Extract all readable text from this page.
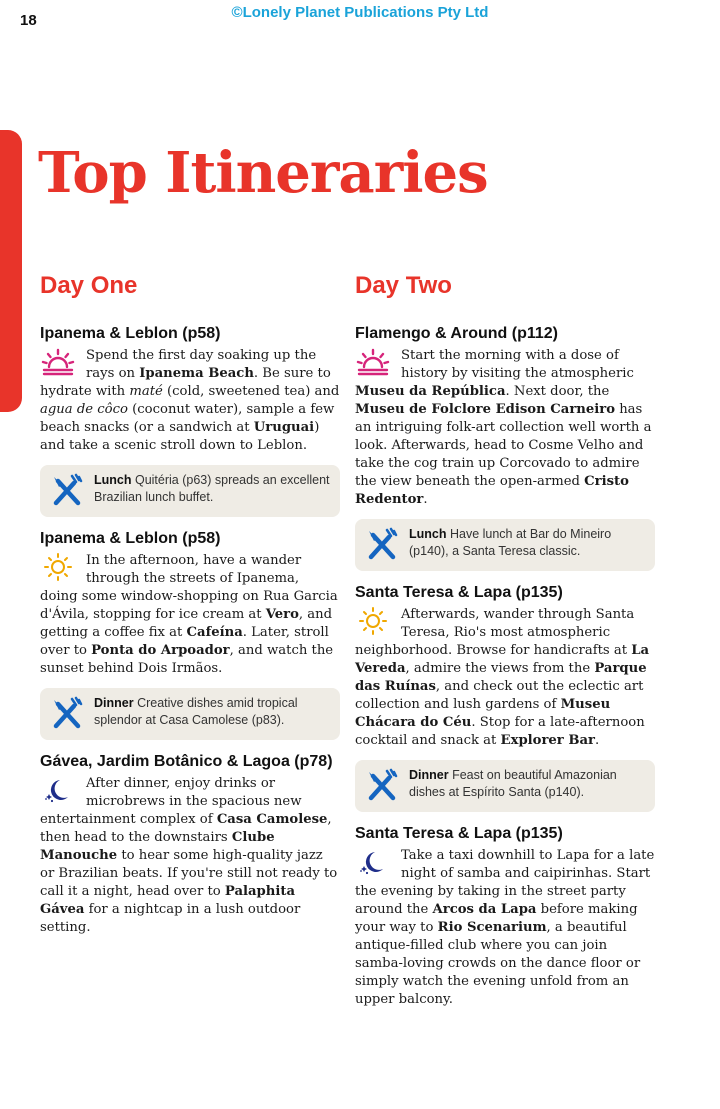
18	©Lonely Planet Publications Pty Ltd
Top Itineraries
Day One
Ipanema & Leblon (p58)
Spend the first day soaking up the rays on Ipanema Beach. Be sure to hydrate with maté (cold, sweetened tea) and agua de côco (coconut water), sample a few beach snacks (or a sandwich at Uruguai) and take a scenic stroll down to Leblon.
Lunch Quitéria (p63) spreads an excellent Brazilian lunch buffet.
Ipanema & Leblon (p58)
In the afternoon, have a wander through the streets of Ipanema, doing some window-shopping on Rua Garcia d'Ávila, stopping for ice cream at Vero, and getting a coffee fix at Cafeína. Later, stroll over to Ponta do Arpoador, and watch the sunset behind Dois Irmãos.
Dinner Creative dishes amid tropical splendor at Casa Camolese (p83).
Gávea, Jardim Botânico & Lagoa (p78)
After dinner, enjoy drinks or microbrews in the spacious new entertainment complex of Casa Camolese, then head to the downstairs Clube Manouche to hear some high-quality jazz or Brazilian beats. If you're still not ready to call it a night, head over to Palaphita Gávea for a nightcap in a lush outdoor setting.
Day Two
Flamengo & Around (p112)
Start the morning with a dose of history by visiting the atmospheric Museu da República. Next door, the Museu de Folclore Edison Carneiro has an intriguing folk-art collection well worth a look. Afterwards, head to Cosme Velho and take the cog train up Corcovado to admire the view beneath the open-armed Cristo Redentor.
Lunch Have lunch at Bar do Mineiro (p140), a Santa Teresa classic.
Santa Teresa & Lapa (p135)
Afterwards, wander through Santa Teresa, Rio's most atmospheric neighborhood. Browse for handicrafts at La Vereda, admire the views from the Parque das Ruínas, and check out the eclectic art collection and lush gardens of Museu Chácara do Céu. Stop for a late-afternoon cocktail and snack at Explorer Bar.
Dinner Feast on beautiful Amazonian dishes at Espírito Santa (p140).
Santa Teresa & Lapa (p135)
Take a taxi downhill to Lapa for a late night of samba and caipirinhas. Start the evening by taking in the street party around the Arcos da Lapa before making your way to Rio Scenarium, a beautiful antique-filled club where you can join samba-loving crowds on the dance floor or simply watch the evening unfold from an upper balcony.
